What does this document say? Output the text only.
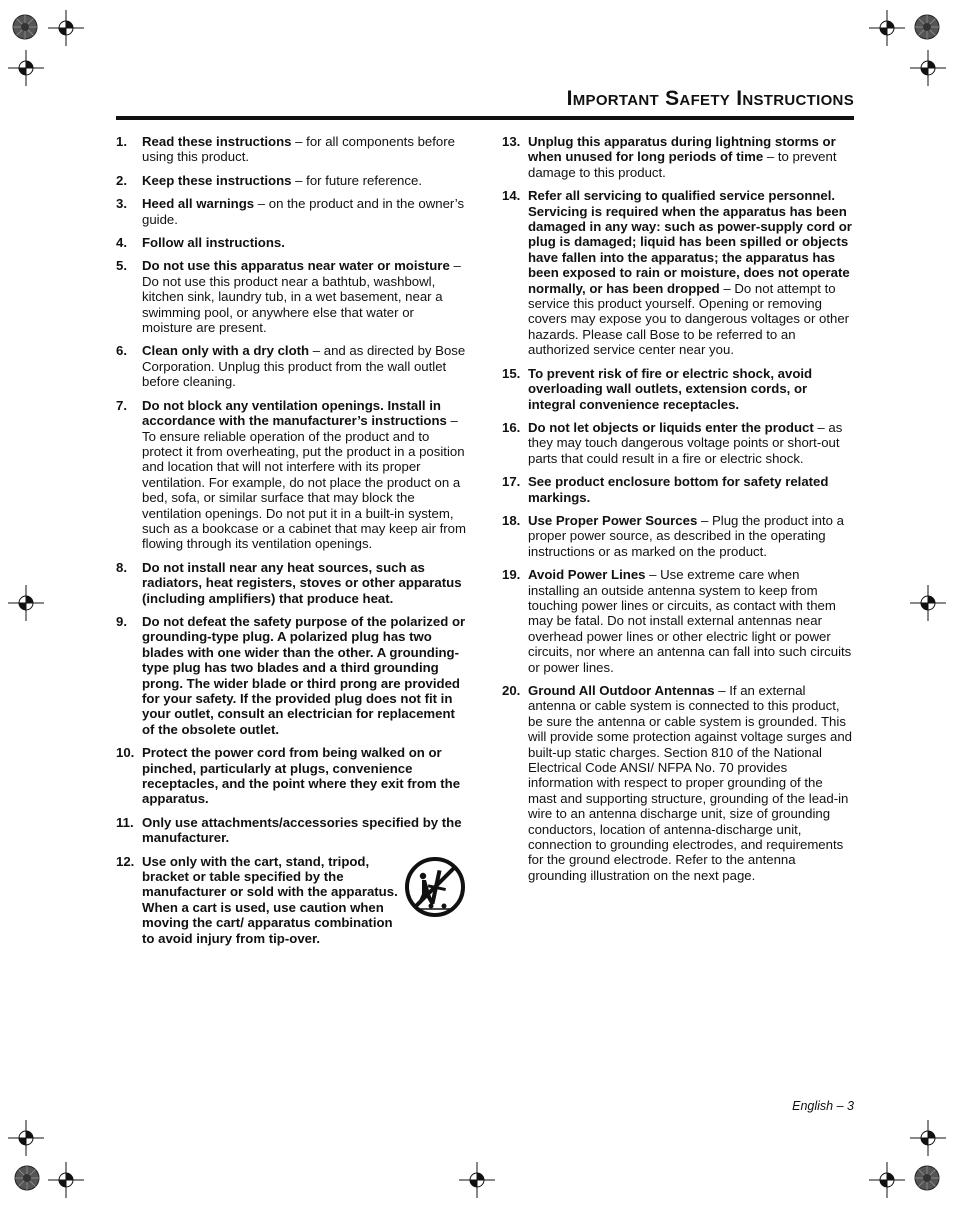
Important Safety Instructions
1.	Read these instructions – for all components before using this product.
2.	Keep these instructions – for future reference.
3.	Heed all warnings – on the product and in the owner’s guide.
4.	Follow all instructions.
5.	Do not use this apparatus near water or moisture – Do not use this product near a bathtub, washbowl, kitchen sink, laundry tub, in a wet basement, near a swimming pool, or anywhere else that water or moisture are present.
6.	Clean only with a dry cloth – and as directed by Bose Corporation. Unplug this product from the wall outlet before cleaning.
7.	Do not block any ventilation openings. Install in accordance with the manufacturer’s instructions – To ensure reliable operation of the product and to protect it from overheating, put the product in a position and location that will not interfere with its proper ventilation. For example, do not place the product on a bed, sofa, or similar surface that may block the ventilation openings. Do not put it in a built-in system, such as a bookcase or a cabinet that may keep air from flowing through its ventilation openings.
8.	Do not install near any heat sources, such as radiators, heat registers, stoves or other apparatus (including amplifiers) that produce heat.
9.	Do not defeat the safety purpose of the polarized or grounding-type plug. A polarized plug has two blades with one wider than the other. A grounding-type plug has two blades and a third grounding prong. The wider blade or third prong are provided for your safety. If the provided plug does not fit in your outlet, consult an electrician for replacement of the obsolete outlet.
10. Protect the power cord from being walked on or pinched, particularly at plugs, convenience receptacles, and the point where they exit from the apparatus.
11. Only use attachments/accessories specified by the manufacturer.
12. Use only with the cart, stand, tripod, bracket or table specified by the manufacturer or sold with the apparatus. When a cart is used, use caution when moving the cart/ apparatus combination to avoid injury from tip-over.
13. Unplug this apparatus during lightning storms or when unused for long periods of time – to prevent damage to this product.
14. Refer all servicing to qualified service personnel. Servicing is required when the apparatus has been damaged in any way: such as power-supply cord or plug is damaged; liquid has been spilled or objects have fallen into the apparatus; the apparatus has been exposed to rain or moisture, does not operate normally, or has been dropped – Do not attempt to service this product yourself. Opening or removing covers may expose you to dangerous voltages or other hazards. Please call Bose to be referred to an authorized service center near you.
15. To prevent risk of fire or electric shock, avoid overloading wall outlets, extension cords, or integral convenience receptacles.
16. Do not let objects or liquids enter the product – as they may touch dangerous voltage points or short-out parts that could result in a fire or electric shock.
17. See product enclosure bottom for safety related markings.
18. Use Proper Power Sources – Plug the product into a proper power source, as described in the operating instructions or as marked on the product.
19. Avoid Power Lines – Use extreme care when installing an outside antenna system to keep from touching power lines or circuits, as contact with them may be fatal. Do not install external antennas near overhead power lines or other electric light or power circuits, nor where an antenna can fall into such circuits or power lines.
20. Ground All Outdoor Antennas – If an external antenna or cable system is connected to this product, be sure the antenna or cable system is grounded. This will provide some protection against voltage surges and built-up static charges. Section 810 of the National Electrical Code ANSI/ NFPA No. 70 provides information with respect to proper grounding of the mast and supporting structure, grounding of the lead-in wire to an antenna discharge unit, size of grounding conductors, location of antenna-discharge unit, connection to grounding electrodes, and requirements for the ground electrode. Refer to the antenna grounding illustration on the next page.
English – 3
